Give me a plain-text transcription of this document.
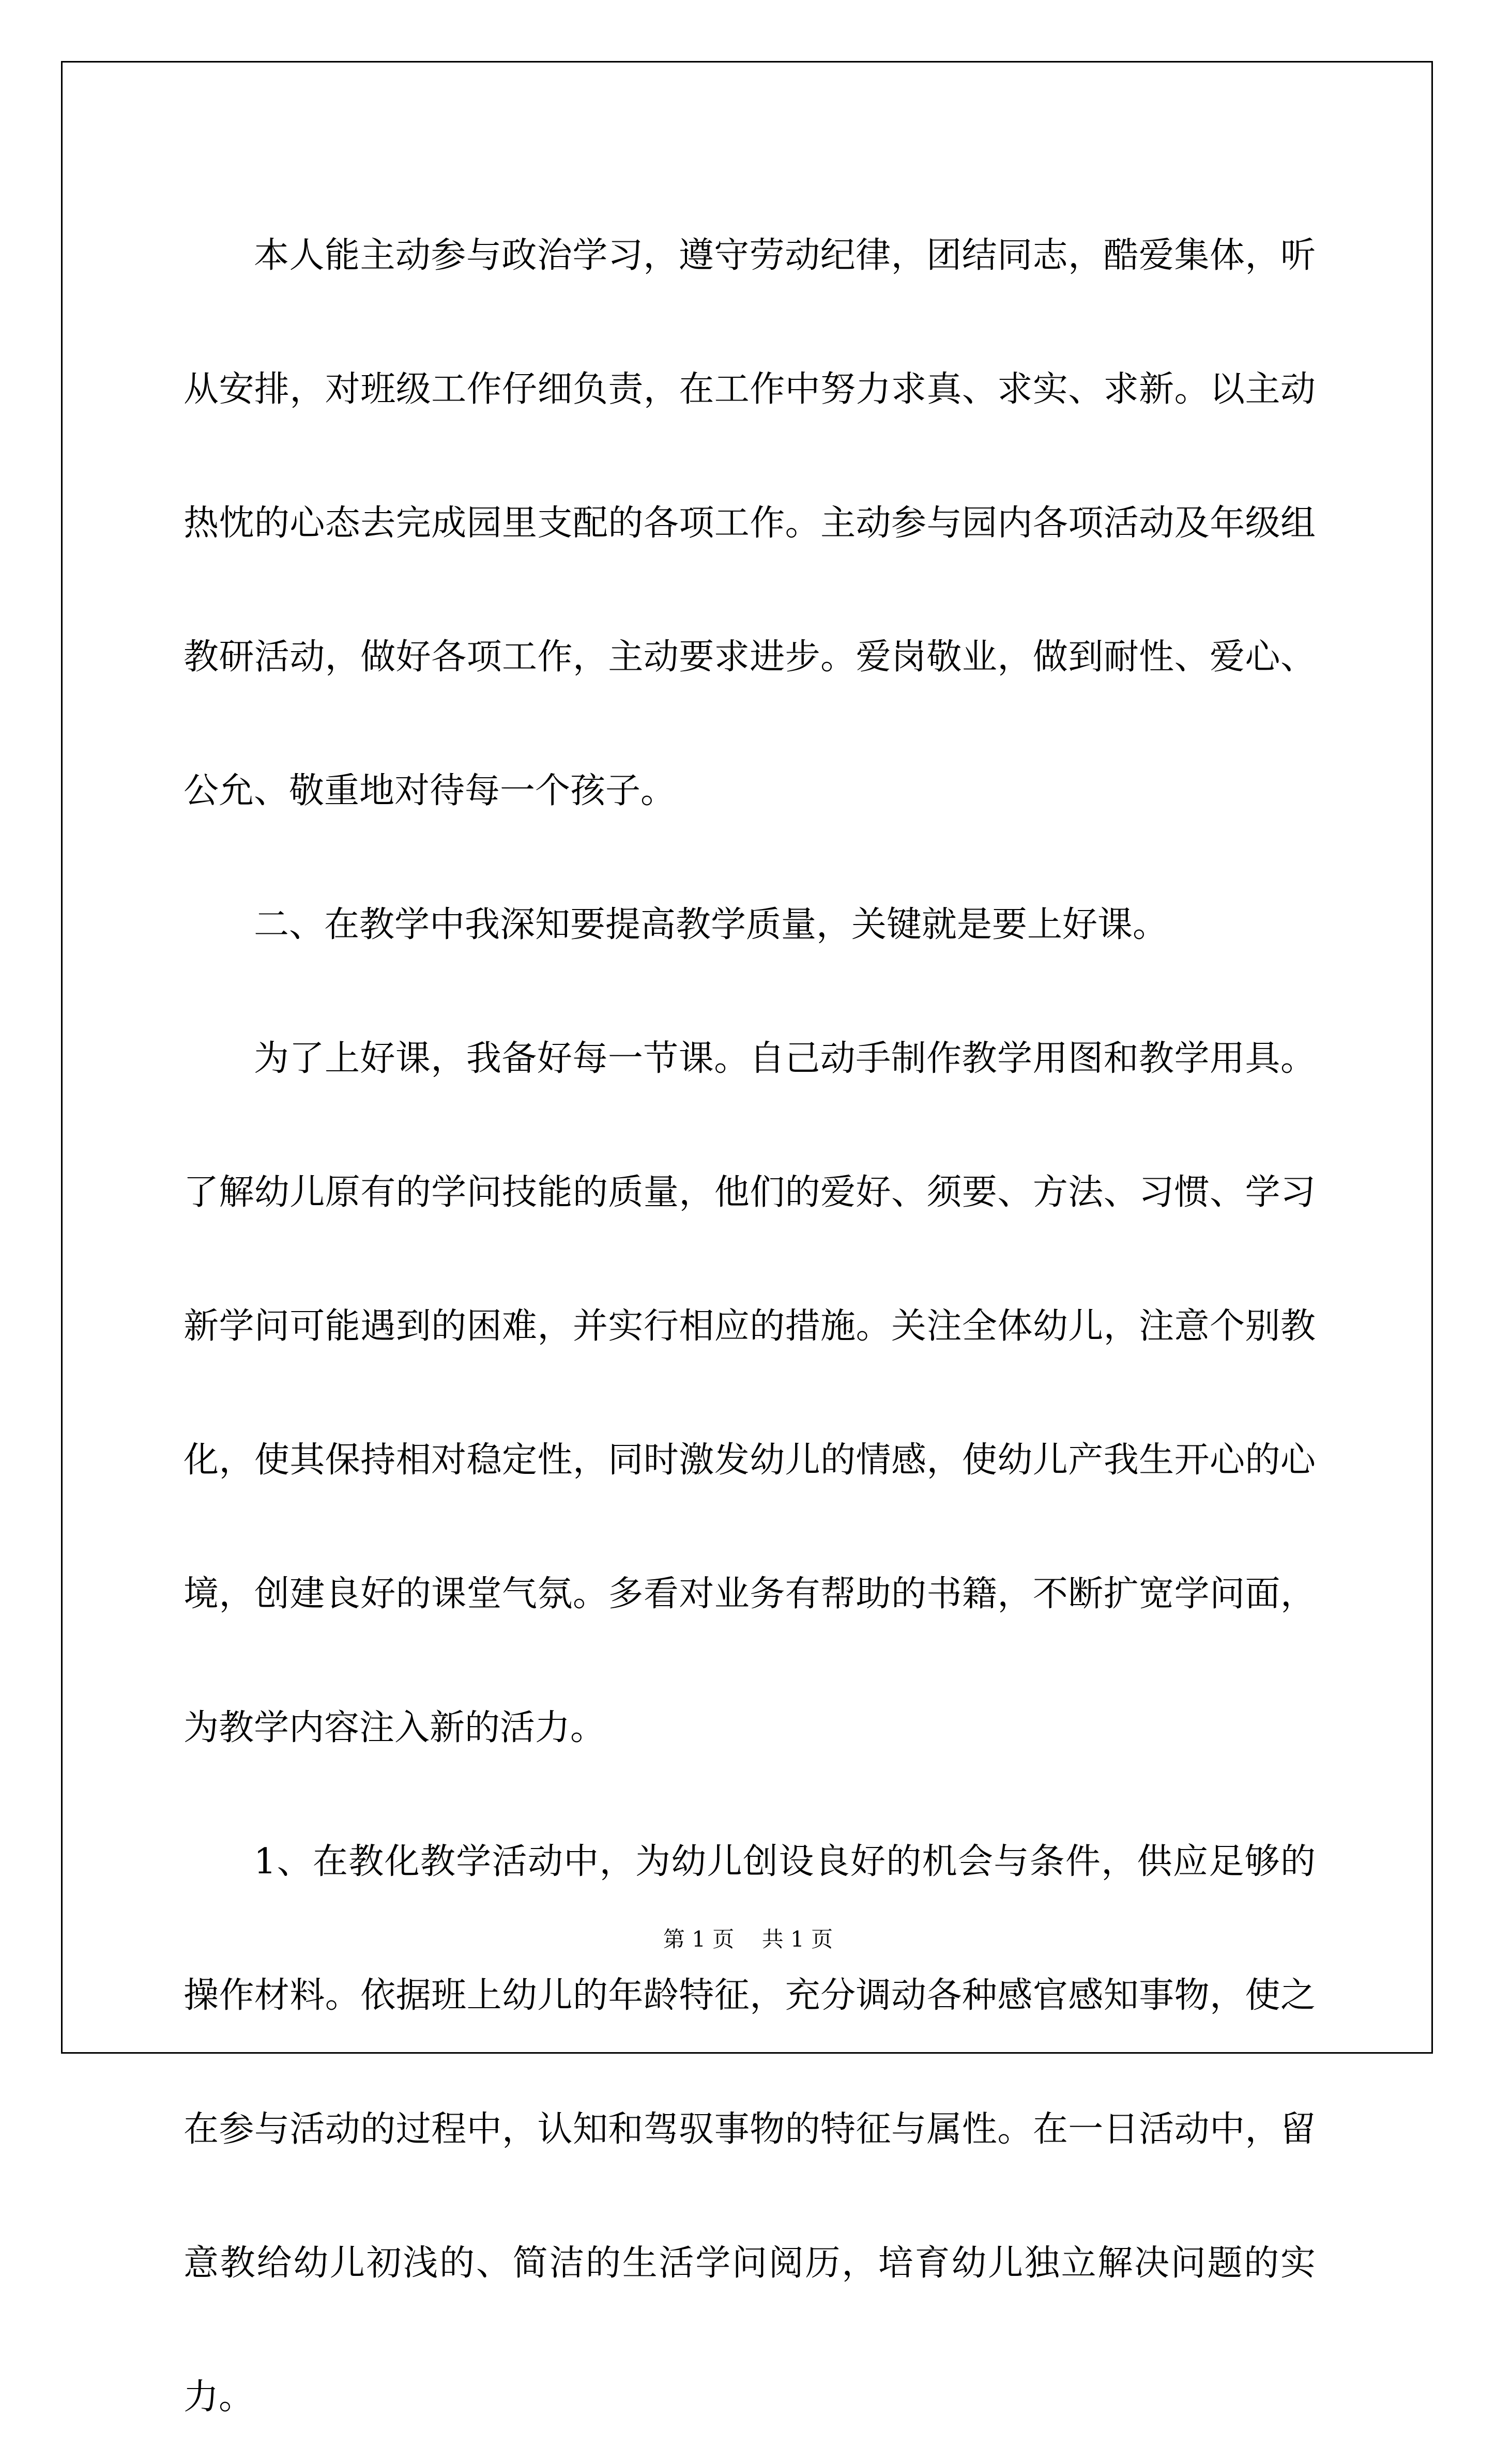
本人能主动参与政治学习，遵守劳动纪律，团结同志，酷爱集体，听从安排，对班级工作仔细负责，在工作中努力求真、求实、求新。以主动热忱的心态去完成园里支配的各项工作。主动参与园内各项活动及年级组教研活动，做好各项工作，主动要求进步。爱岗敬业，做到耐性、爱心、公允、敬重地对待每一个孩子。

二、在教学中我深知要提高教学质量，关键就是要上好课。

为了上好课，我备好每一节课。自己动手制作教学用图和教学用具。了解幼儿原有的学问技能的质量，他们的爱好、须要、方法、习惯、学习新学问可能遇到的困难，并实行相应的措施。关注全体幼儿，注意个别教化，使其保持相对稳定性，同时激发幼儿的情感，使幼儿产我生开心的心境，创建良好的课堂气氛。多看对业务有帮助的书籍，不断扩宽学问面，为教学内容注入新的活力。

1、在教化教学活动中，为幼儿创设良好的机会与条件，供应足够的操作材料。依据班上幼儿的年龄特征，充分调动各种感官感知事物，使之在参与活动的过程中，认知和驾驭事物的特征与属性。在一日活动中，留意教给幼儿初浅的、简洁的生活学问阅历，培育幼儿独立解决问题的实力。

第 1 页    共 1 页
